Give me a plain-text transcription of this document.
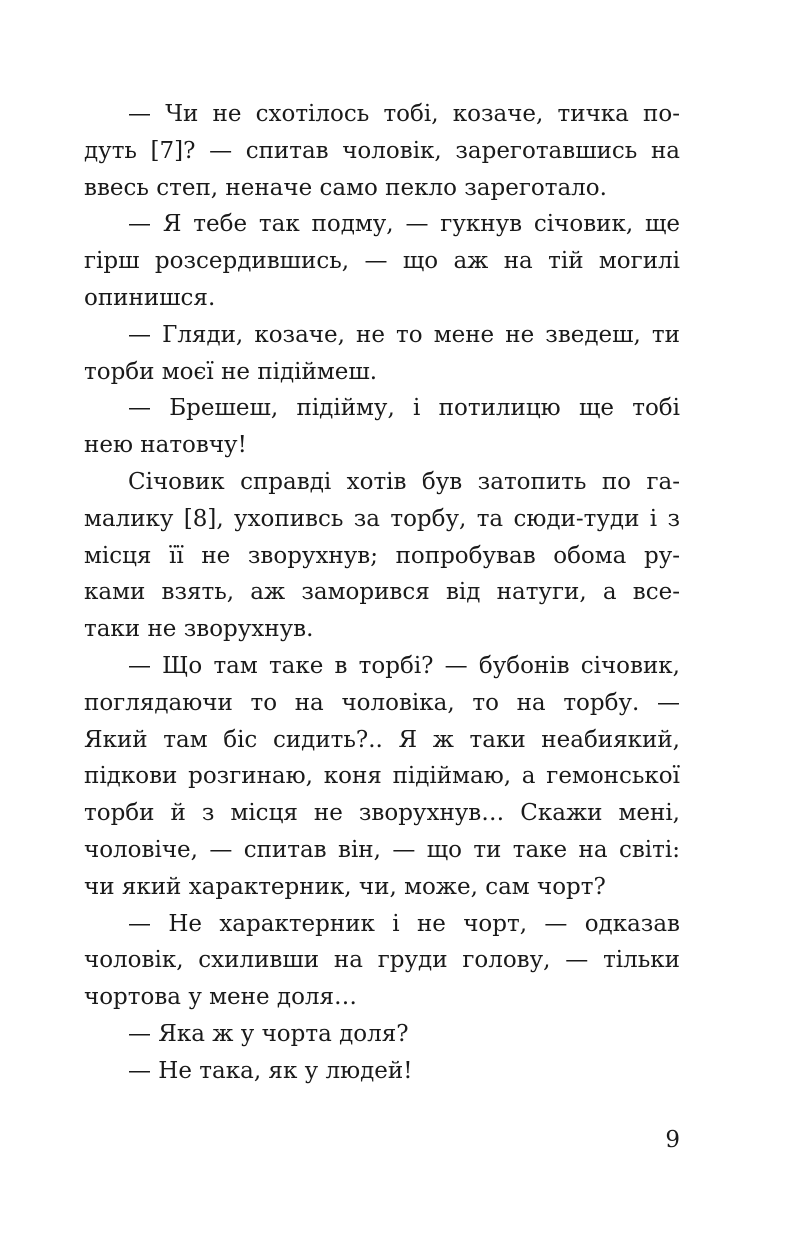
— Чи не схотілось тобі, козаче, тичка по-
дуть [7]? — спитав чоловік, зареготавшись на
ввесь степ, неначе само пекло зареготало.
— Я тебе так подму, — гукнув січовик, ще
гірш розсердившись, — що аж на тій могилі
опинишся.
— Гляди, козаче, не то мене не зведеш, ти
торби моєї не підіймеш.
— Брешеш, підійму, і потилицю ще тобі
нею натовчу!
Січовик справді хотів був затопить по га-
малику [8], ухопивсь за торбу, та сюди-туди і з
місця її не зворухнув; попробував обома ру-
ками взять, аж заморився від натуги, а все-
таки не зворухнув.
— Що там таке в торбі? — бубонів січовик,
поглядаючи то на чоловіка, то на торбу. —
Який там біс сидить?.. Я ж таки неабиякий,
підкови розгинаю, коня підіймаю, а гемонської
торби й з місця не зворухнув… Скажи мені,
чоловіче, — спитав він, — що ти таке на світі:
чи який характерник, чи, може, сам чорт?
— Не характерник і не чорт, — одказав
чоловік, схиливши на груди голову, — тільки
чортова у мене доля…
— Яка ж у чорта доля?
— Не така, як у людей!
9
